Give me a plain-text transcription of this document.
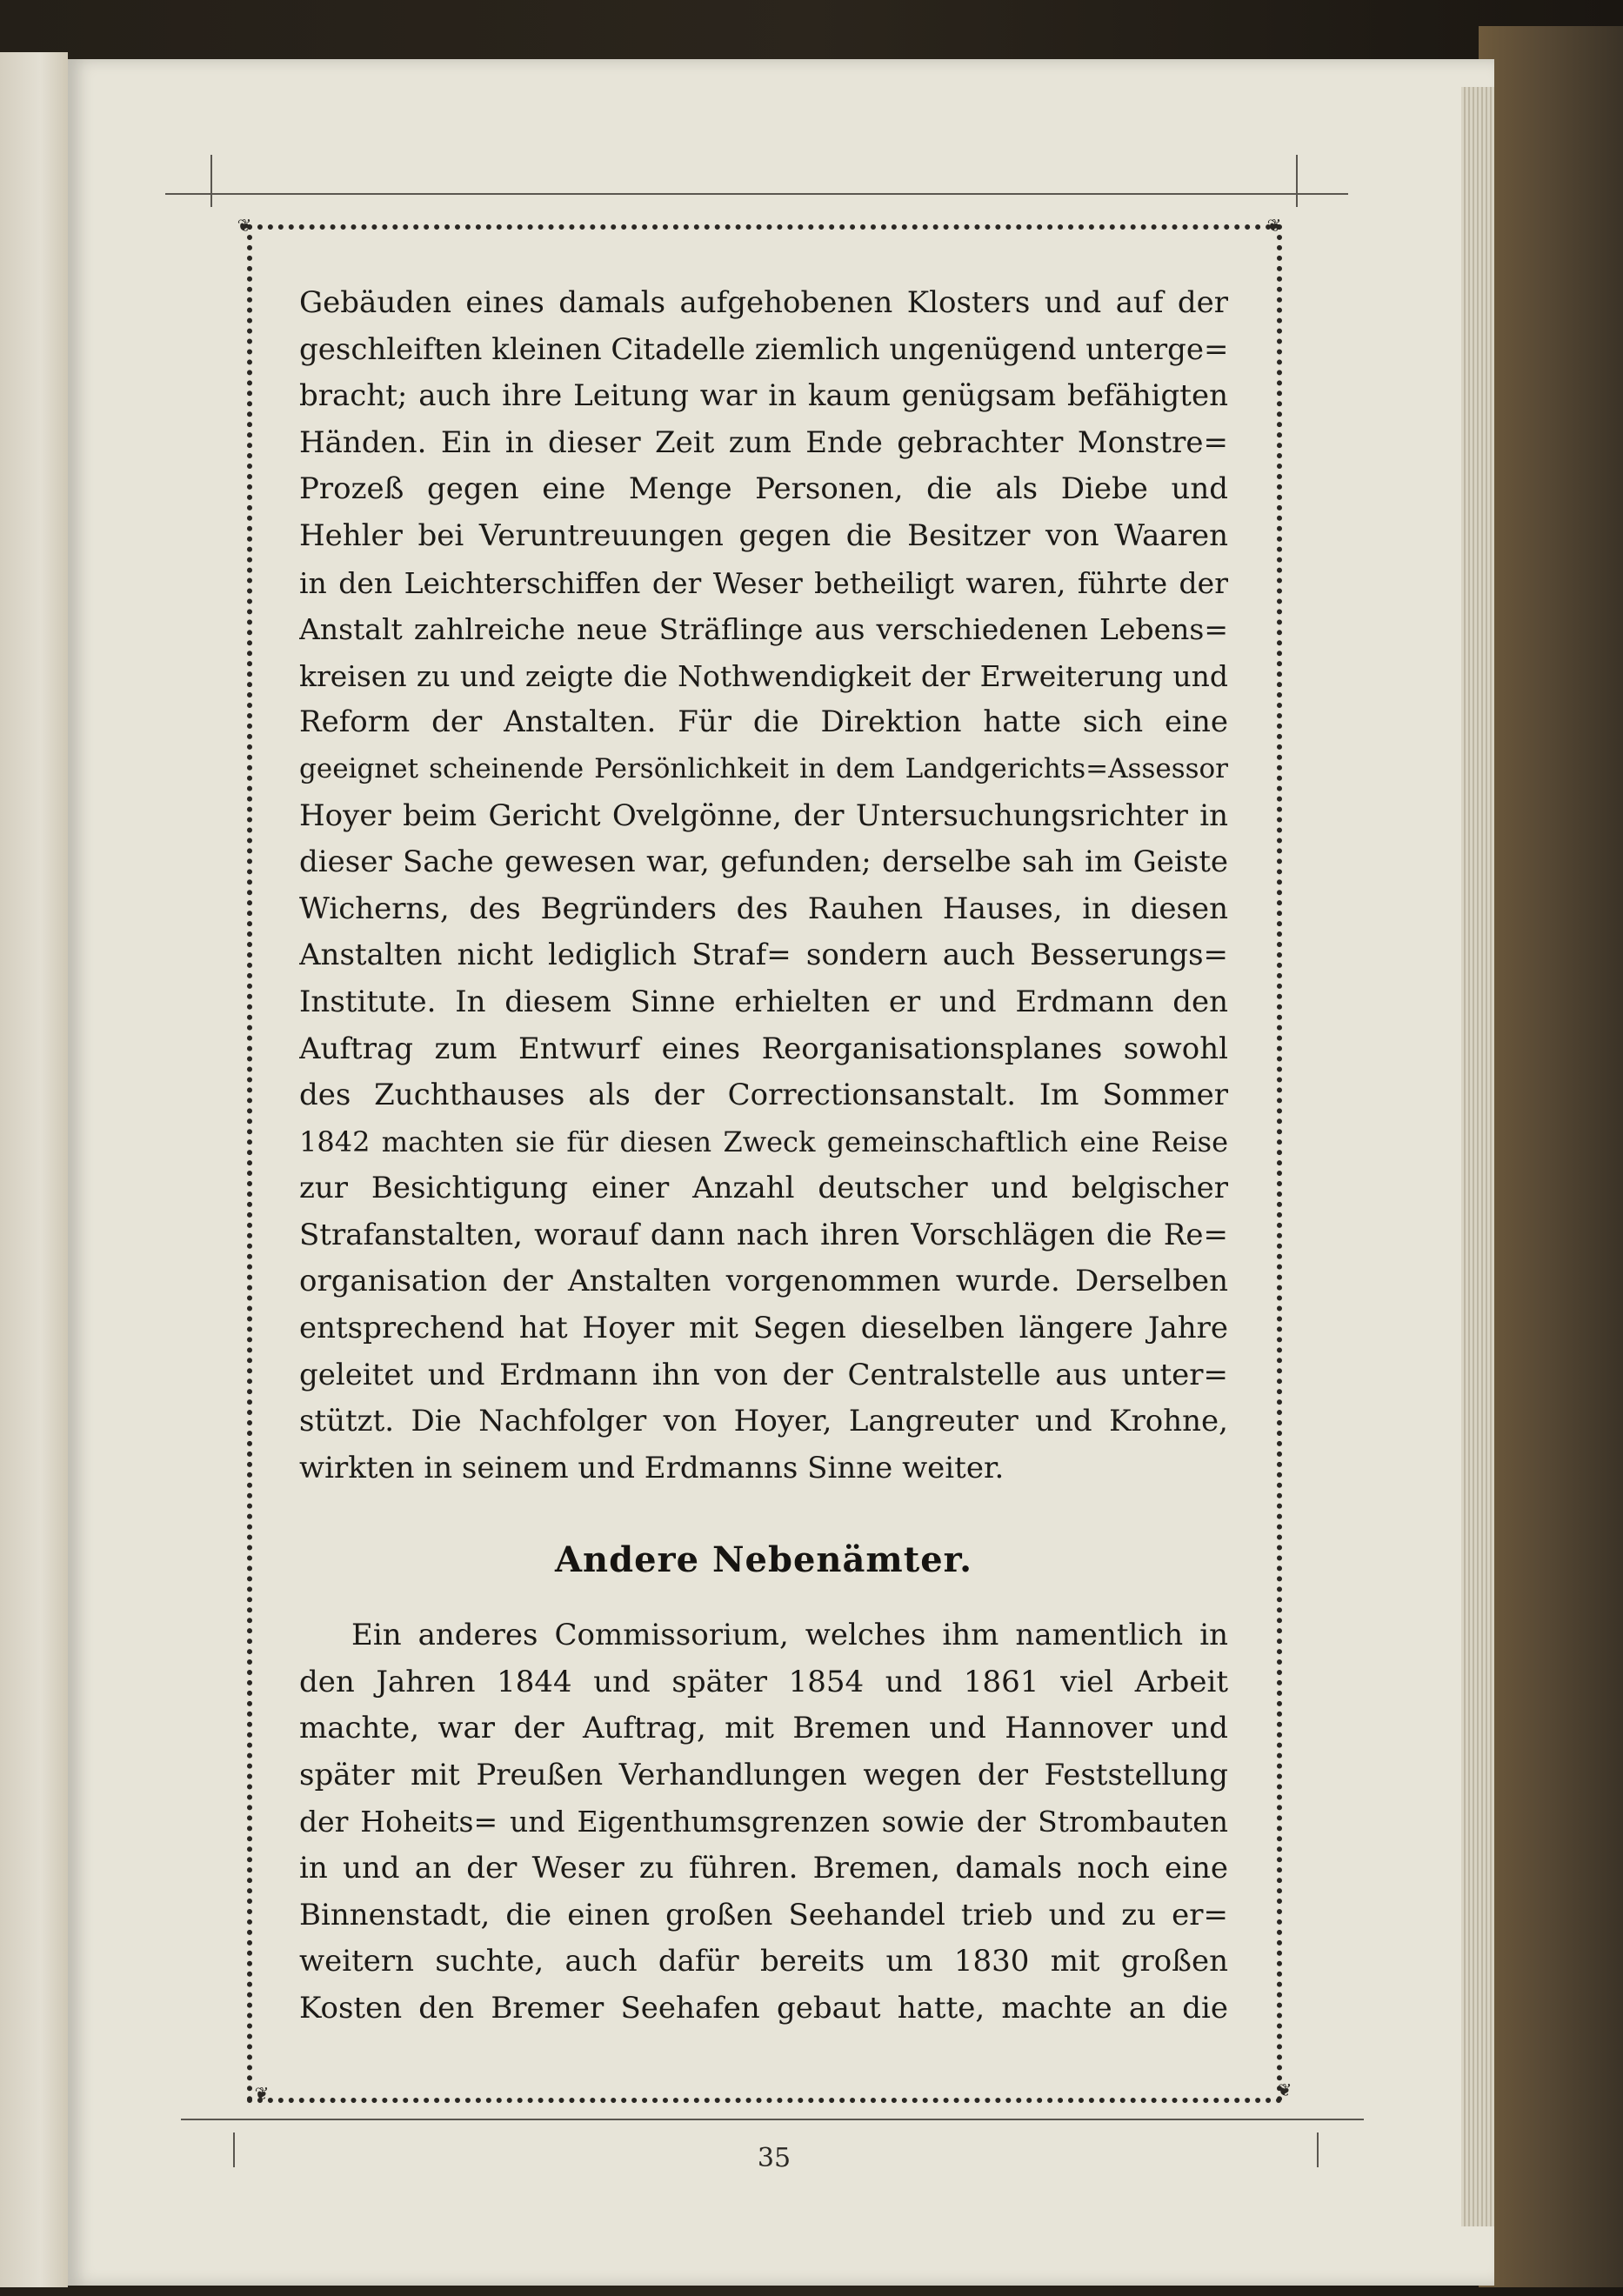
❦	❦
❦	❦
Gebäuden eines damals aufgehobenen Klosters und auf der
geschleiften kleinen Citadelle ziemlich ungenügend unterge=
bracht; auch ihre Leitung war in kaum genügsam befähigten
Händen. Ein in dieser Zeit zum Ende gebrachter Monstre=
Prozeß gegen eine Menge Personen, die als Diebe und
Hehler bei Veruntreuungen gegen die Besitzer von Waaren
in den Leichterschiffen der Weser betheiligt waren, führte der
Anstalt zahlreiche neue Sträflinge aus verschiedenen Lebens=
kreisen zu und zeigte die Nothwendigkeit der Erweiterung und
Reform der Anstalten. Für die Direktion hatte sich eine
geeignet scheinende Persönlichkeit in dem Landgerichts=Assessor
Hoyer beim Gericht Ovelgönne, der Untersuchungsrichter in
dieser Sache gewesen war, gefunden; derselbe sah im Geiste
Wicherns, des Begründers des Rauhen Hauses, in diesen
Anstalten nicht lediglich Straf= sondern auch Besserungs=
Institute. In diesem Sinne erhielten er und Erdmann den
Auftrag zum Entwurf eines Reorganisationsplanes sowohl
des Zuchthauses als der Correctionsanstalt. Im Sommer
1842 machten sie für diesen Zweck gemeinschaftlich eine Reise
zur Besichtigung einer Anzahl deutscher und belgischer
Strafanstalten, worauf dann nach ihren Vorschlägen die Re=
organisation der Anstalten vorgenommen wurde. Derselben
entsprechend hat Hoyer mit Segen dieselben längere Jahre
geleitet und Erdmann ihn von der Centralstelle aus unter=
stützt. Die Nachfolger von Hoyer, Langreuter und Krohne,
wirkten in seinem und Erdmanns Sinne weiter.
Andere Nebenämter.
Ein anderes Commissorium, welches ihm namentlich in
den Jahren 1844 und später 1854 und 1861 viel Arbeit
machte, war der Auftrag, mit Bremen und Hannover und
später mit Preußen Verhandlungen wegen der Feststellung
der Hoheits= und Eigenthumsgrenzen sowie der Strombauten
in und an der Weser zu führen. Bremen, damals noch eine
Binnenstadt, die einen großen Seehandel trieb und zu er=
weitern suchte, auch dafür bereits um 1830 mit großen
Kosten den Bremer Seehafen gebaut hatte, machte an die
35
